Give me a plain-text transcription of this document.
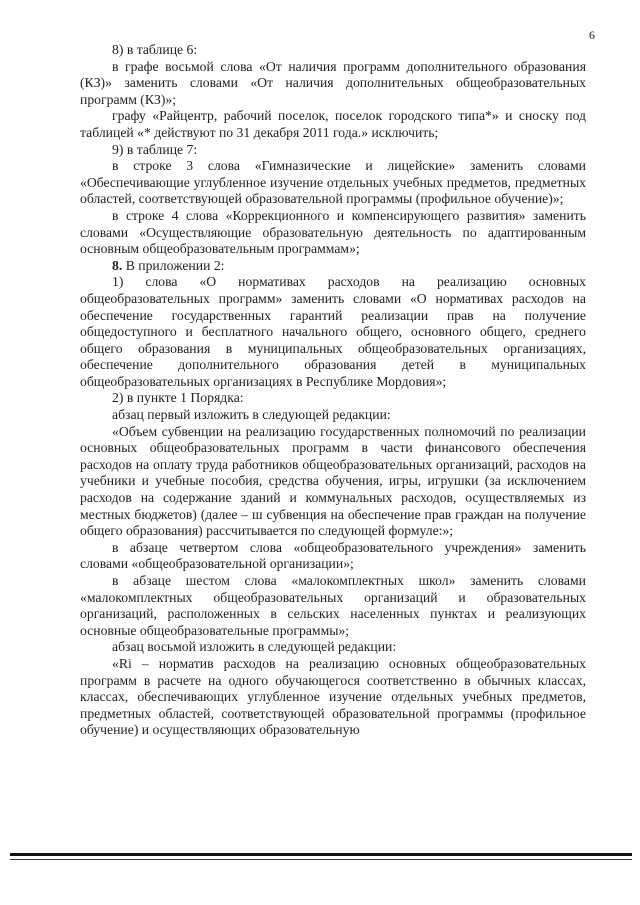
6

8) в таблице 6:

в графе восьмой слова «От наличия программ дополнительного образования (КЗ)» заменить словами «От наличия дополнительных общеобразовательных программ (КЗ)»;

графу «Райцентр, рабочий поселок, поселок городского типа*» и сноску под таблицей «* действуют по 31 декабря 2011 года.» исключить;

9) в таблице 7:

в строке 3 слова «Гимназические и лицейские» заменить словами «Обеспечивающие углубленное изучение отдельных учебных предметов, предметных областей, соответствующей образовательной программы (профильное обучение)»;

в строке 4 слова «Коррекционного и компенсирующего развития» заменить словами «Осуществляющие образовательную деятельность по адаптированным основным общеобразовательным программам»;

8. В приложении 2:

1) слова «О нормативах расходов на реализацию основных общеобразовательных программ» заменить словами «О нормативах расходов на обеспечение государственных гарантий реализации прав на получение общедоступного и бесплатного начального общего, основного общего, среднего общего образования в муниципальных общеобразовательных организациях, обеспечение дополнительного образования детей в муниципальных общеобразовательных организациях в Республике Мордовия»;

2) в пункте 1 Порядка:

абзац первый изложить в следующей редакции:

«Объем субвенции на реализацию государственных полномочий по реализации основных общеобразовательных программ в части финансового обеспечения расходов на оплату труда работников общеобразовательных организаций, расходов на учебники и учебные пособия, средства обучения, игры, игрушки (за исключением расходов на содержание зданий и коммунальных расходов, осуществляемых из местных бюджетов) (далее – ш субвенция на обеспечение прав граждан на получение общего образования) рассчитывается по следующей формуле:»;

в абзаце четвертом слова «общеобразовательного учреждения» заменить словами «общеобразовательной организации»;

в абзаце шестом слова «малокомплектных школ» заменить словами «малокомплектных общеобразовательных организаций и образовательных организаций, расположенных в сельских населенных пунктах и реализующих основные общеобразовательные программы»;

абзац восьмой изложить в следующей редакции:

«Ri – норматив расходов на реализацию основных общеобразовательных программ в расчете на одного обучающегося соответственно в обычных классах, классах, обеспечивающих углубленное изучение отдельных учебных предметов, предметных областей, соответствующей образовательной программы (профильное обучение) и осуществляющих образовательную
